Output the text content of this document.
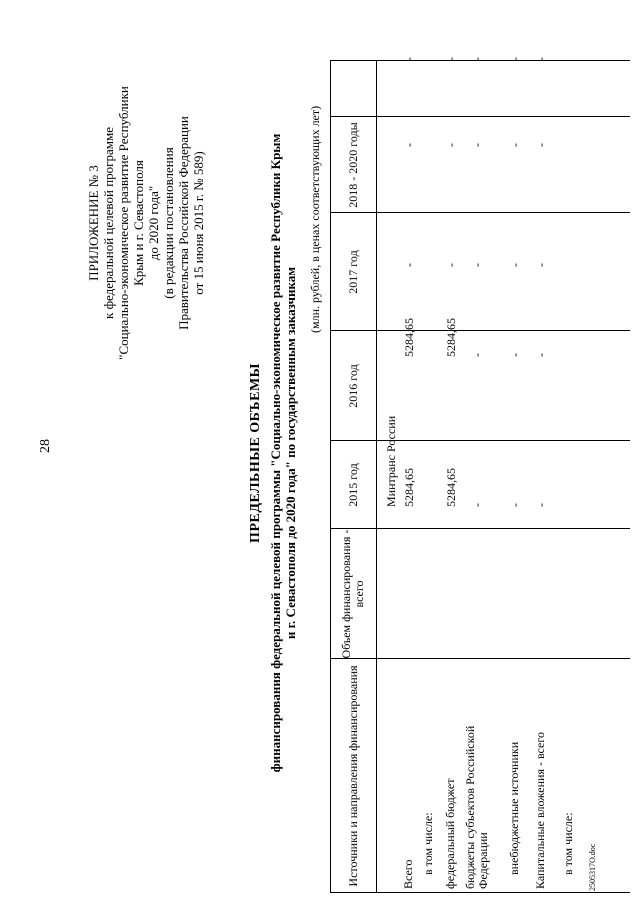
28
ПРИЛОЖЕНИЕ № 3 к федеральной целевой программе "Социально-экономическое развитие Республики Крым и г. Севастополя до 2020 года" (в редакции постановления Правительства Российской Федерации от 15 июня 2015 г. № 589)
ПРЕДЕЛЬНЫЕ ОБЪЕМЫ финансирования федеральной целевой программы "Социально-экономическое развитие Республики Крым и г. Севастополя до 2020 года" по государственным заказчикам
(млн. рублей, в ценах соответствующих лет)
Источники и направления финансирования
Объем финансирования - всего
2015 год
2016 год
2017 год
2018 - 2020 годы
Минтранс России
Всего
5284,65
5284,65
-
-
-
в том числе: федеральный бюджет
5284,65
5284,65
-
-
-
бюджеты субъектов Российской Федерации
-
-
-
-
-
внебюджетные источники
-
-
-
-
-
Капитальные вложения - всего
-
-
-
-
-
в том числе: 2505317О.doc
